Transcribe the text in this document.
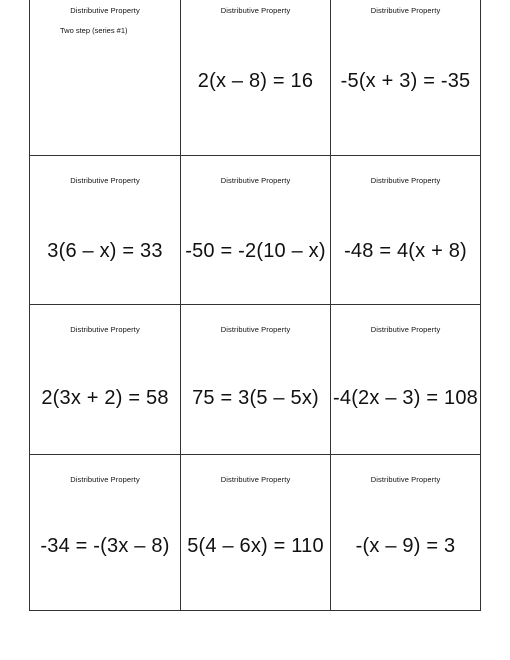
Distributive Property
Two step (series #1)
Distributive Property
2(x – 8) = 16
Distributive Property
-5(x + 3) = -35
Distributive Property
3(6 – x) = 33
Distributive Property
-50 = -2(10 – x)
Distributive Property
-48 = 4(x + 8)
Distributive Property
2(3x + 2) = 58
Distributive Property
75 = 3(5 – 5x)
Distributive Property
-4(2x – 3) = 108
Distributive Property
-34 = -(3x – 8)
Distributive Property
5(4 – 6x) = 110
Distributive Property
-(x – 9) = 3
